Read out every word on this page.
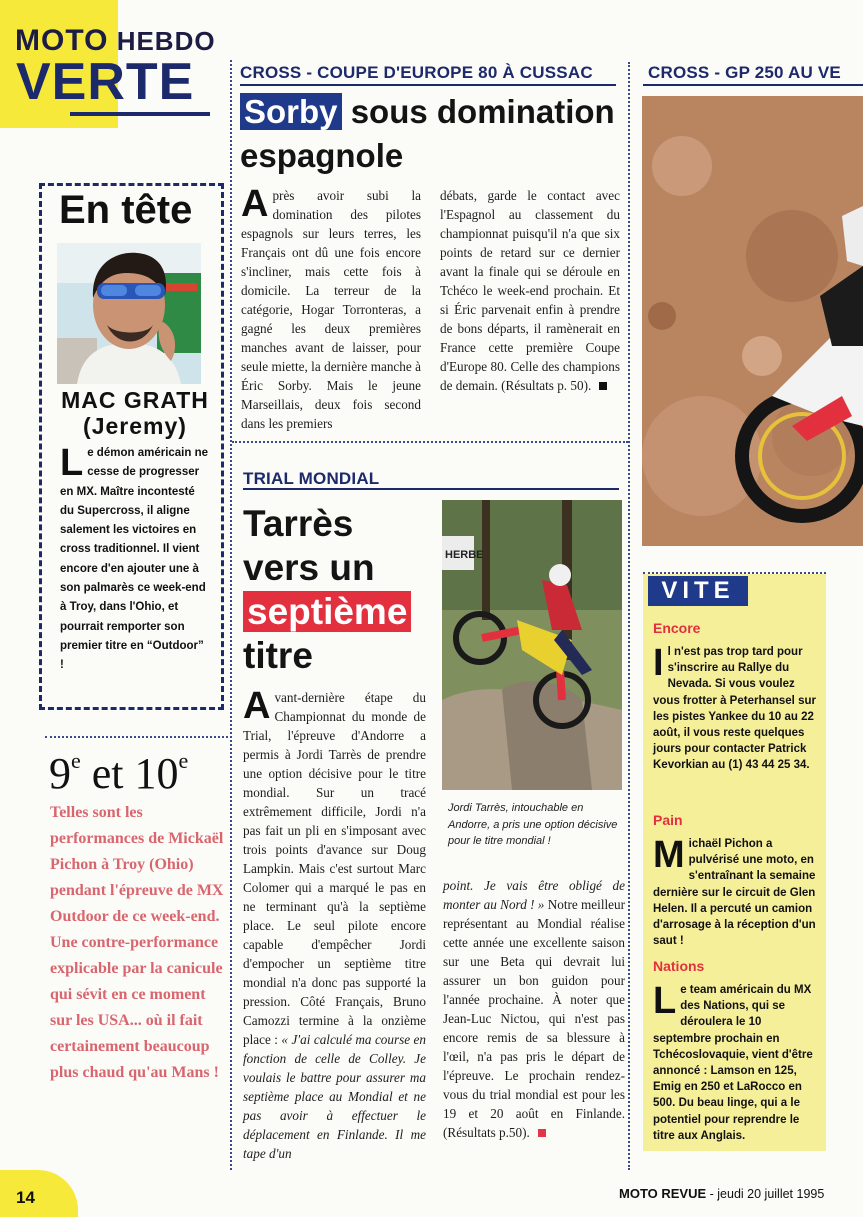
MOTO HEBDO
VERTE
En tête
MAC GRATH
(Jeremy)
Le démon américain ne cesse de progresser en MX. Maître incontesté du Supercross, il aligne salement les victoires en cross traditionnel. Il vient encore d'en ajouter une à son palmarès ce week-end à Troy, dans l'Ohio, et pourrait remporter son premier titre en “Outdoor” !
9e et 10e
Telles sont les performances de Mickaël Pichon à Troy (Ohio) pendant l'épreuve de MX Outdoor de ce week-end. Une contre-performance explicable par la canicule qui sévit en ce moment sur les USA... où il fait certainement beaucoup plus chaud qu'au Mans !
CROSS - COUPE D'EUROPE 80 À CUSSAC
Sorby sous domination espagnole
Après avoir subi la domination des pilotes espagnols sur leurs terres, les Français ont dû une fois encore s'incliner, mais cette fois à domicile. La terreur de la catégorie, Hogar Torronteras, a gagné les deux premières manches avant de laisser, pour seule miette, la dernière manche à Éric Sorby. Mais le jeune Marseillais, deux fois second dans les premiers
débats, garde le contact avec l'Espagnol au classement du championnat puisqu'il n'a que six points de retard sur ce dernier avant la finale qui se déroule en Tchéco le week-end prochain. Et si Éric parvenait enfin à prendre de bons départs, il ramènerait en France cette première Coupe d'Europe 80. Celle des champions de demain. (Résultats p. 50).
CROSS - GP 250 AU VE
TRIAL MONDIAL
Tarrès
vers un
septième
titre
HERBE
Jordi Tarrès, intouchable en Andorre, a pris une option décisive pour le titre mondial !
Avant-dernière étape du Championnat du monde de Trial, l'épreuve d'Andorre a permis à Jordi Tarrès de prendre une option décisive pour le titre mondial. Sur un tracé extrêmement difficile, Jordi n'a pas fait un pli en s'imposant avec trois points d'avance sur Doug Lampkin. Mais c'est surtout Marc Colomer qui a marqué le pas en ne terminant qu'à la septième place. Le seul pilote encore capable d'empêcher Jordi d'empocher un septième titre mondial n'a donc pas supporté la pression. Côté Français, Bruno Camozzi termine à la onzième place : « J'ai calculé ma course en fonction de celle de Colley. Je voulais le battre pour assurer ma septième place au Mondial et ne pas avoir à effectuer le déplacement en Finlande. Il me tape d'un
point. Je vais être obligé de monter au Nord ! » Notre meilleur représentant au Mondial réalise cette année une excellente saison sur une Beta qui devrait lui assurer un bon guidon pour l'année prochaine. À noter que Jean-Luc Nictou, qui n'est pas encore remis de sa blessure à l'œil, n'a pas pris le départ de l'épreuve. Le prochain rendez-vous du trial mondial est pour les 19 et 20 août en Finlande. (Résultats p.50).
VITE
Encore
Il n'est pas trop tard pour s'inscrire au Rallye du Nevada. Si vous voulez vous frotter à Peterhansel sur les pistes Yankee du 10 au 22 août, il vous reste quelques jours pour contacter Patrick Kevorkian au (1) 43 44 25 34.
Pain
Michaël Pichon a pulvérisé une moto, en s'entraînant la semaine dernière sur le circuit de Glen Helen. Il a percuté un camion d'arrosage à la réception d'un saut !
Nations
Le team américain du MX des Nations, qui se déroulera le 10 septembre prochain en Tchécoslovaquie, vient d'être annoncé : Lamson en 125, Emig en 250 et LaRocco en 500. Du beau linge, qui a le potentiel pour reprendre le titre aux Anglais.
14	MOTO REVUE - jeudi 20 juillet 1995
